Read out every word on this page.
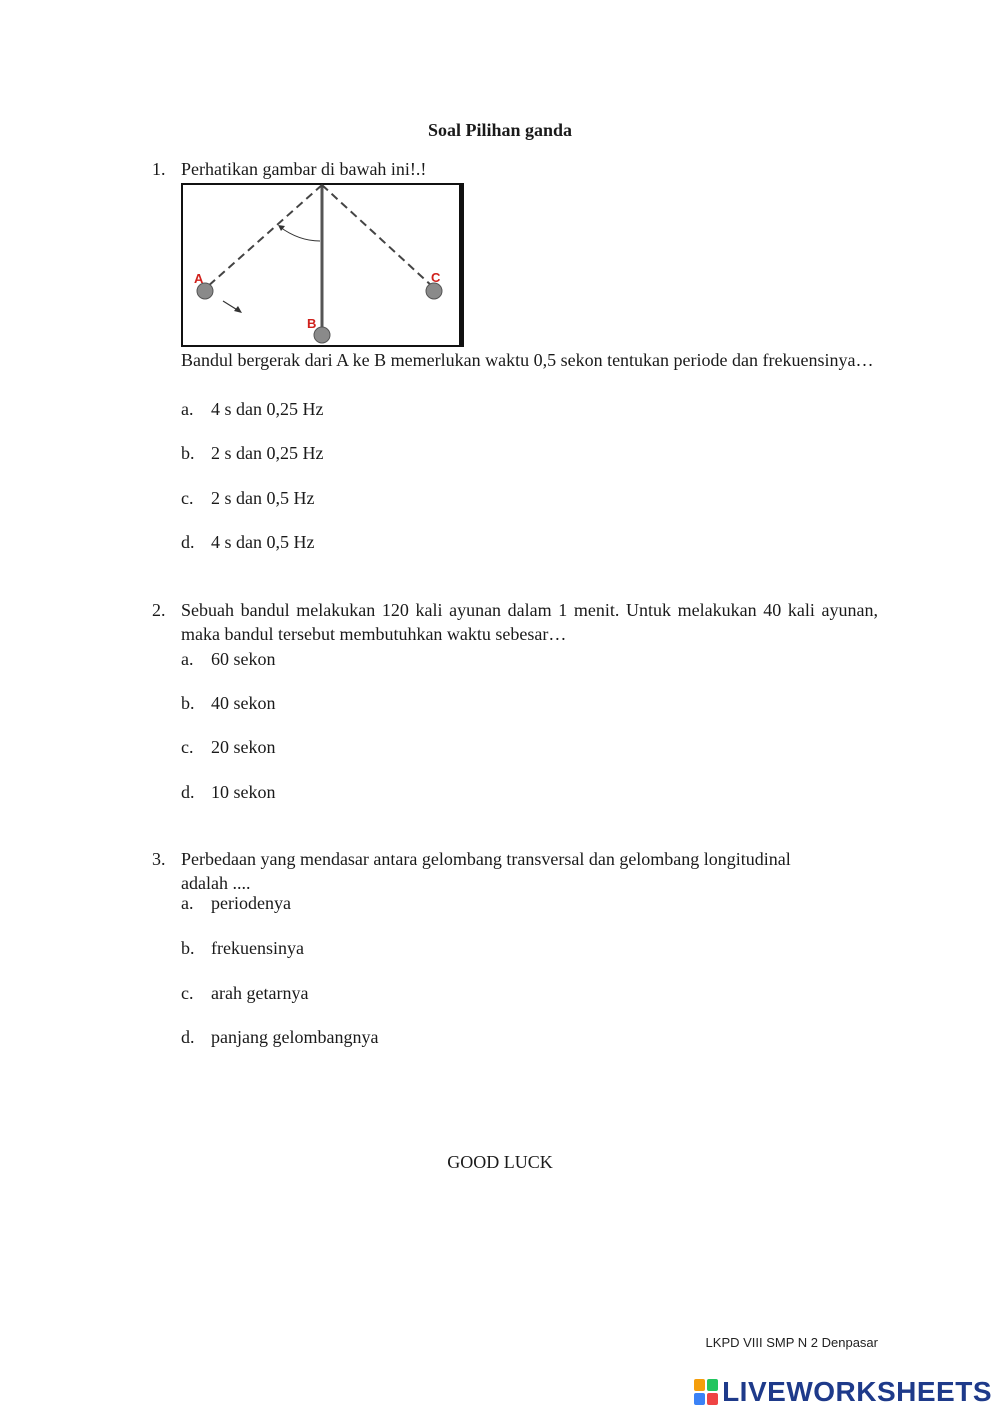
Soal Pilihan ganda
1. Perhatikan gambar di bawah ini!.!
A
B
C
Bandul bergerak dari A ke B memerlukan waktu 0,5 sekon tentukan periode dan frekuensinya…
a. 4 s dan 0,25 Hz
b. 2 s dan 0,25 Hz
c. 2 s dan 0,5 Hz
d. 4 s dan 0,5 Hz
2. Sebuah bandul melakukan 120 kali ayunan dalam 1 menit. Untuk melakukan 40 kali ayunan, maka bandul tersebut membutuhkan waktu sebesar…
a. 60 sekon
b. 40 sekon
c. 20 sekon
d. 10 sekon
3. Perbedaan yang mendasar antara gelombang transversal dan gelombang longitudinal adalah ....
a. periodenya
b. frekuensinya
c. arah getarnya
d. panjang gelombangnya
GOOD LUCK
LKPD VIII SMP N 2 Denpasar
LIVEWORKSHEETS
